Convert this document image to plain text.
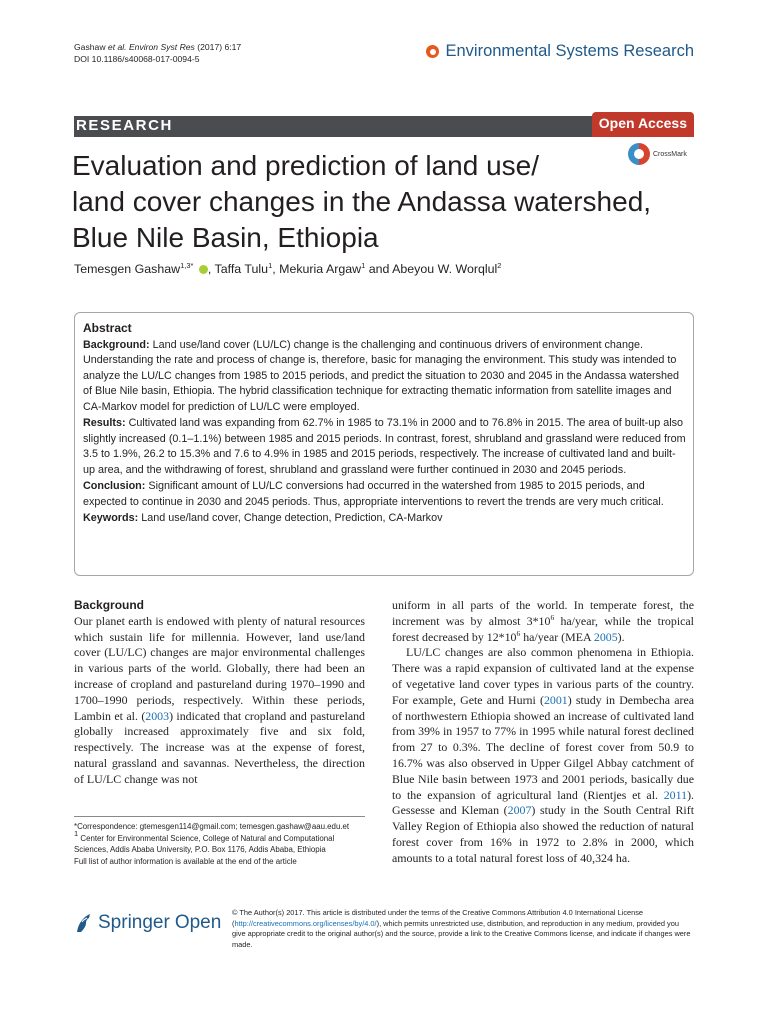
Gashaw et al. Environ Syst Res (2017) 6:17
DOI 10.1186/s40068-017-0094-5	Environmental Systems Research
RESEARCH	Open Access
Evaluation and prediction of land use/
land cover changes in the Andassa watershed,
Blue Nile Basin, Ethiopia
CrossMark
Temesgen Gashaw$^{1,3*}$ , Taffa Tulu$^1$, Mekuria Argaw$^1$ and Abeyou W. Worqlul$^2$
Abstract

Background: Land use/land cover (LU/LC) change is the challenging and continuous drivers of environment change. Understanding the rate and process of change is, therefore, basic for managing the environment. This study was intended to analyze the LU/LC changes from 1985 to 2015 periods, and predict the situation to 2030 and 2045 in the Andassa watershed of Blue Nile basin, Ethiopia. The hybrid classification technique for extracting thematic information from satellite images and CA-Markov model for prediction of LU/LC were employed.

Results: Cultivated land was expanding from 62.7% in 1985 to 73.1% in 2000 and to 76.8% in 2015. The area of built-up also slightly increased (0.1–1.1%) between 1985 and 2015 periods. In contrast, forest, shrubland and grassland were reduced from 3.5 to 1.9%, 26.2 to 15.3% and 7.6 to 4.9% in 1985 and 2015 periods, respectively. The increase of cultivated land and built-up area, and the withdrawing of forest, shrubland and grassland were further continued in 2030 and 2045 periods.

Conclusion: Significant amount of LU/LC conversions had occurred in the watershed from 1985 to 2015 periods, and expected to continue in 2030 and 2045 periods. Thus, appropriate interventions to revert the trends are very much critical.

Keywords: Land use/land cover, Change detection, Prediction, CA-Markov

Background

Our planet earth is endowed with plenty of natural resources which sustain life for millennia. However, land use/land cover (LU/LC) changes are major environmental challenges in various parts of the world. Globally, there had been an increase of cropland and pastureland during 1970–1990 and 1700–1990 periods, respectively. Within these periods, Lambin et al. (2003) indicated that cropland and pastureland globally increased approximately five and six fold, respectively. The increase was at the expense of forest, natural grassland and savannas. Nevertheless, the direction of LU/LC change was not

uniform in all parts of the world. In temperate forest, the increment was by almost $3*10^6$ ha/year, while the tropical forest decreased by $12*10^6$ ha/year (MEA 2005).

LU/LC changes are also common phenomena in Ethiopia. There was a rapid expansion of cultivated land at the expense of vegetative land cover types in various parts of the country. For example, Gete and Hurni (2001) study in Dembecha area of northwestern Ethiopia showed an increase of cultivated land from 39% in 1957 to 77% in 1995 while natural forest declined from 27 to 0.3%. The decline of forest cover from 50.9 to 16.7% was also observed in Upper Gilgel Abbay catchment of Blue Nile basin between 1973 and 2001 periods, basically due to the expansion of agricultural land (Rientjes et al. 2011). Gessesse and Kleman (2007) study in the South Central Rift Valley Region of Ethiopia also showed the reduction of natural forest cover from 16% in 1972 to 2.8% in 2000, which amounts to a total natural forest loss of 40,324 ha.

*Correspondence: gtemesgen114@gmail.com; temesgen.gashaw@aau.edu.et

$^1$ Center for Environmental Science, College of Natural and Computational Sciences, Addis Ababa University, P.O. Box 1176, Addis Ababa, Ethiopia

Full list of author information is available at the end of the article

Springer Open © The Author(s) 2017. This article is distributed under the terms of the Creative Commons Attribution 4.0 International License (http://creativecommons.org/licenses/by/4.0/), which permits unrestricted use, distribution, and reproduction in any medium, provided you give appropriate credit to the original author(s) and the source, provide a link to the Creative Commons license, and indicate if changes were made.
